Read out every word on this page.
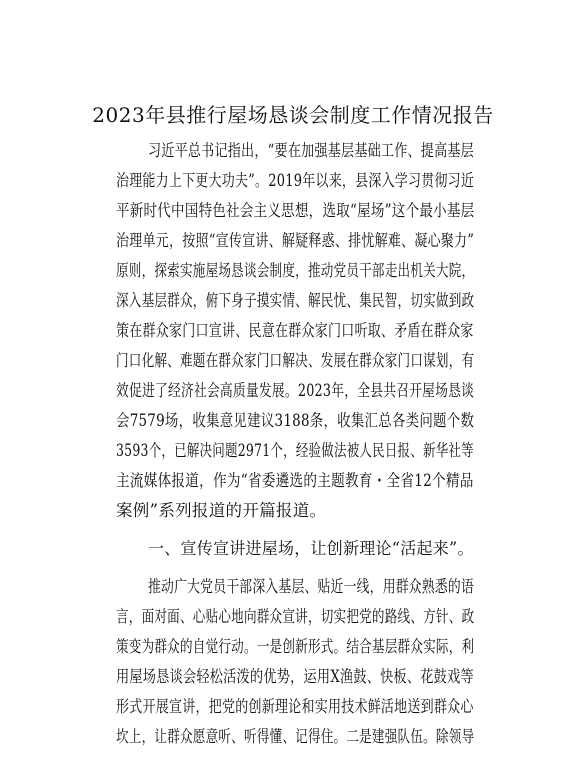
2023年县推行屋场恳谈会制度工作情况报告
习近平总书记指出，“要在加强基层基础工作、提高基层
治理能力上下更大功夫”。2019年以来，县深入学习贯彻习近
平新时代中国特色社会主义思想，选取“屋场”这个最小基层
治理单元，按照“宣传宣讲、解疑释惑、排忧解难、凝心聚力”
原则，探索实施屋场恳谈会制度，推动党员干部走出机关大院，
深入基层群众，俯下身子摸实情、解民忧、集民智，切实做到政
策在群众家门口宣讲、民意在群众家门口听取、矛盾在群众家
门口化解、难题在群众家门口解决、发展在群众家门口谋划，有
效促进了经济社会高质量发展。2023年，全县共召开屋场恳谈
会7579场，收集意见建议3188条，收集汇总各类问题个数
3593个，已解决问题2971个，经验做法被人民日报、新华社等
主流媒体报道，作为“省委遴选的主题教育・全省12个精品
案例”系列报道的开篇报道。
一、宣传宣讲进屋场，让创新理论“活起来”。
推动广大党员干部深入基层、贴近一线，用群众熟悉的语
言，面对面、心贴心地向群众宣讲，切实把党的路线、方针、政
策变为群众的自觉行动。一是创新形式。结合基层群众实际，利
用屋场恳谈会轻松活泼的优势，运用X渔鼓、快板、花鼓戏等
形式开展宣讲，把党的创新理论和实用技术鲜活地送到群众心
坎上，让群众愿意听、听得懂、记得住。二是建强队伍。除领导
